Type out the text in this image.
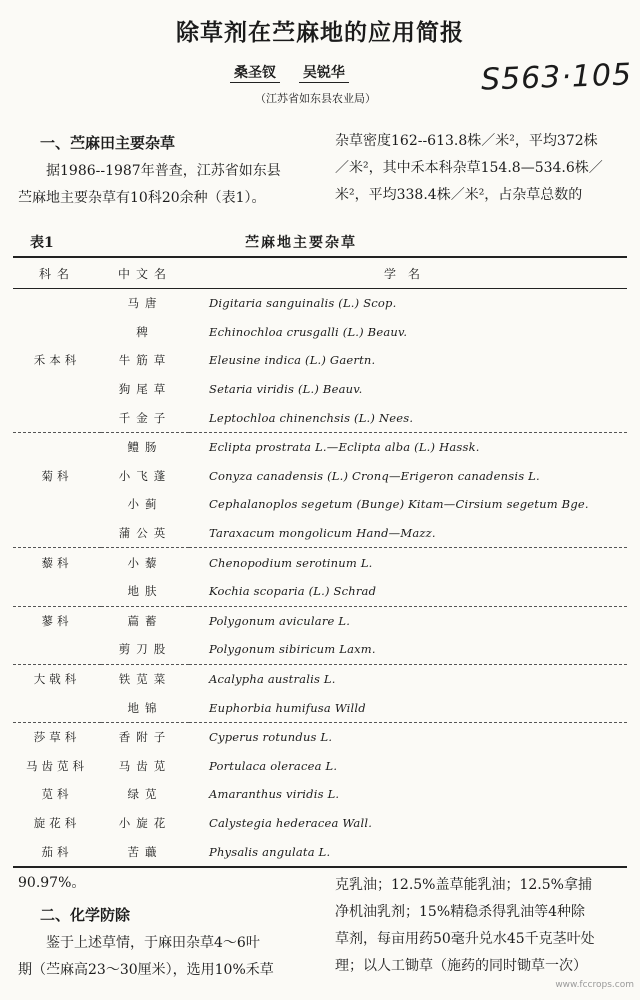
除草剂在苎麻地的应用简报
桑圣钗 吴锐华
（江苏省如东县农业局）
S563·105
一、苎麻田主要杂草
据1986--1987年普查，江苏省如东县
苎麻地主要杂草有10科20余种（表1）。
杂草密度162--613.8株／米²，平均372株
／米²，其中禾本科杂草154.8—534.6株／
米²，平均338.4株／米²，占杂草总数的
表1	苎麻地主要杂草
科名	中文名	学名
	马唐	Digitaria sanguinalis (L.) Scop.
	稗	Echinochloa crusgalli (L.) Beauv.
禾本科	牛筋草	Eleusine indica (L.) Gaertn.
	狗尾草	Setaria viridis (L.) Beauv.
	千金子	Leptochloa chinenchsis (L.) Nees.
	鳢肠	Eclipta prostrata L.—Eclipta alba (L.) Hassk.
菊科	小飞蓬	Conyza canadensis (L.) Cronq—Erigeron canadensis L.
	小蓟	Cephalanoplos segetum (Bunge) Kitam—Cirsium segetum Bge.
	蒲公英	Taraxacum mongolicum Hand—Mazz.
藜科	小藜	Chenopodium serotinum L.
	地肤	Kochia scoparia (L.) Schrad
蓼科	萹蓄	Polygonum aviculare L.
	剪刀股	Polygonum sibiricum Laxm.
大戟科	铁苋菜	Acalypha australis L.
	地锦	Euphorbia humifusa Willd
莎草科	香附子	Cyperus rotundus L.
马齿苋科	马齿苋	Portulaca oleracea L.
苋科	绿苋	Amaranthus viridis L.
旋花科	小旋花	Calystegia hederacea Wall.
茄科	苦蘵	Physalis angulata L.
90.97%。
二、化学防除
鉴于上述草情，于麻田杂草4～6叶
期（苎麻高23～30厘米），选用10%禾草
克乳油；12.5%盖草能乳油；12.5%拿捕
净机油乳剂；15%精稳杀得乳油等4种除
草剂，每亩用药50毫升兑水45千克茎叶处
理；以人工锄草（施药的同时锄草一次）
www.fccrops.com
